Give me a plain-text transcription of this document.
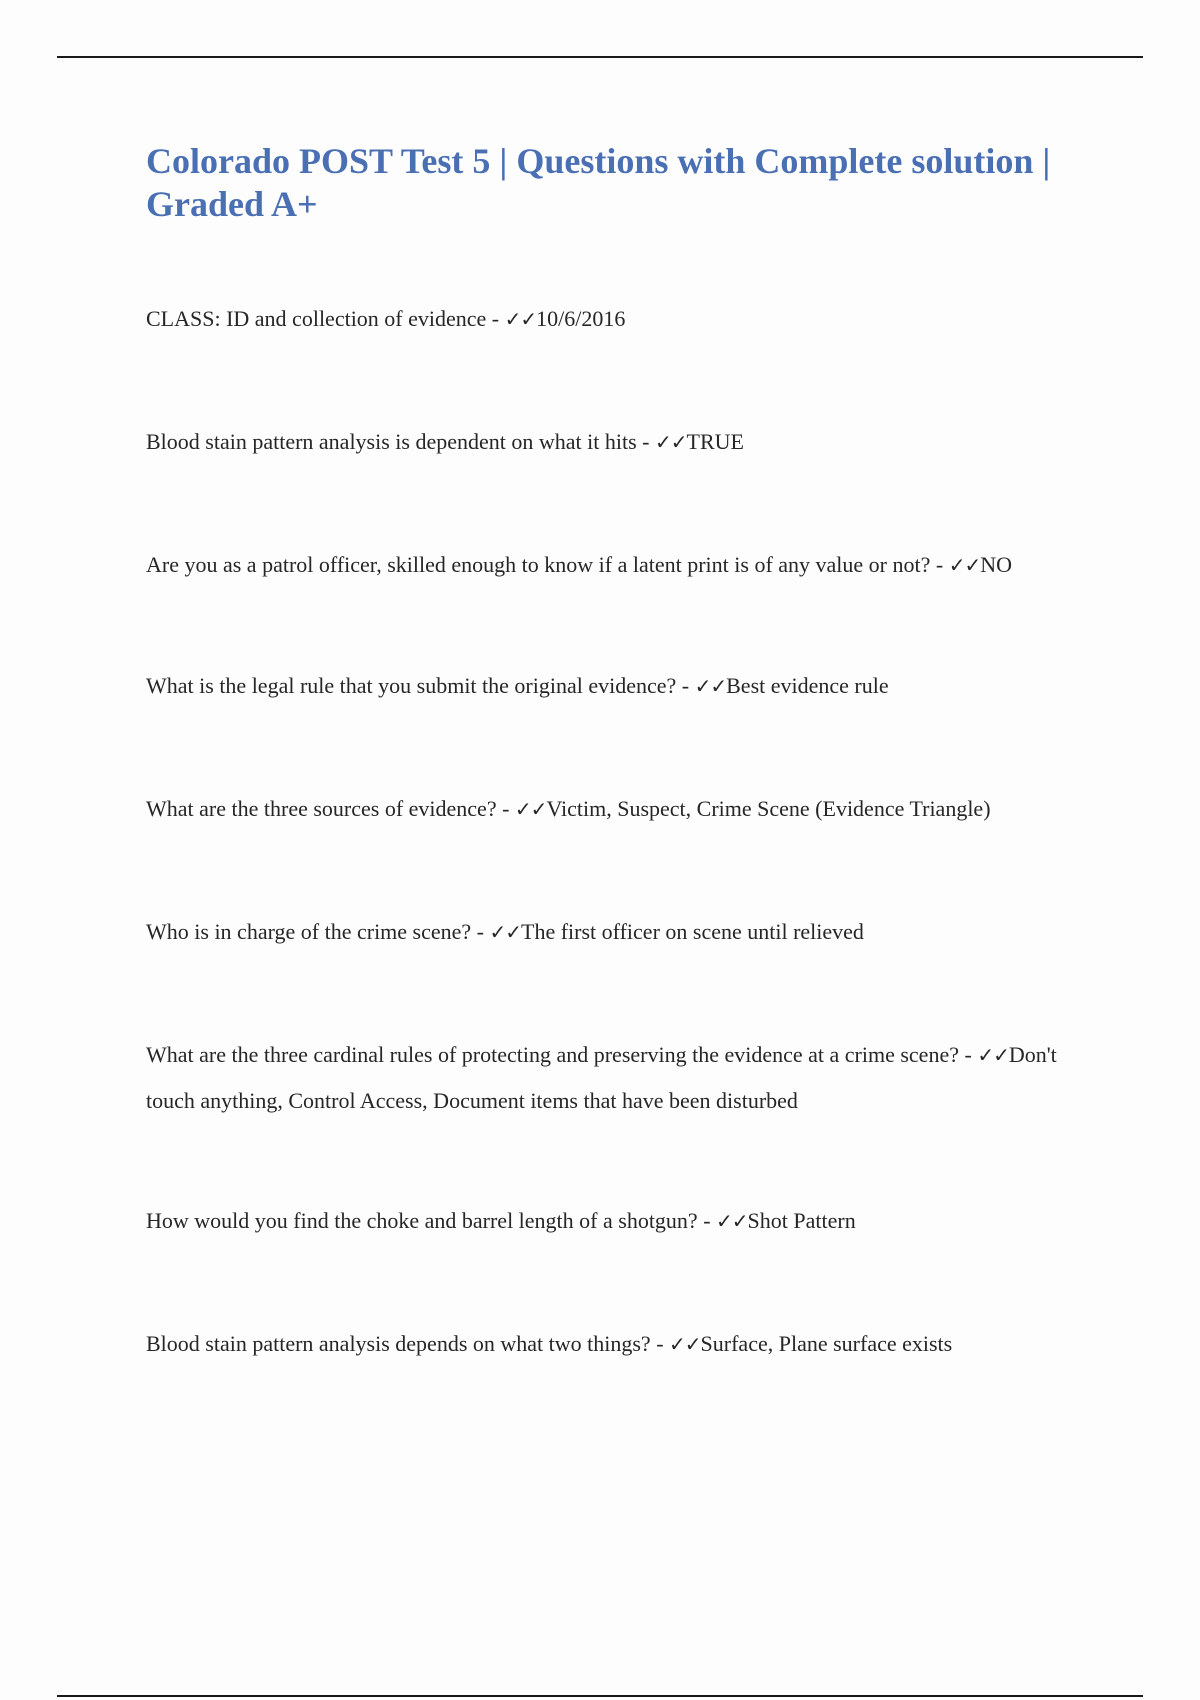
Colorado POST Test 5 | Questions with Complete solution | Graded A+

CLASS: ID and collection of evidence - ✓✓10/6/2016

Blood stain pattern analysis is dependent on what it hits - ✓✓TRUE

Are you as a patrol officer, skilled enough to know if a latent print is of any value or not? - ✓✓NO

What is the legal rule that you submit the original evidence? - ✓✓Best evidence rule

What are the three sources of evidence? - ✓✓Victim, Suspect, Crime Scene (Evidence Triangle)

Who is in charge of the crime scene? - ✓✓The first officer on scene until relieved

What are the three cardinal rules of protecting and preserving the evidence at a crime scene? - ✓✓Don't touch anything, Control Access, Document items that have been disturbed

How would you find the choke and barrel length of a shotgun? - ✓✓Shot Pattern

Blood stain pattern analysis depends on what two things? - ✓✓Surface, Plane surface exists
